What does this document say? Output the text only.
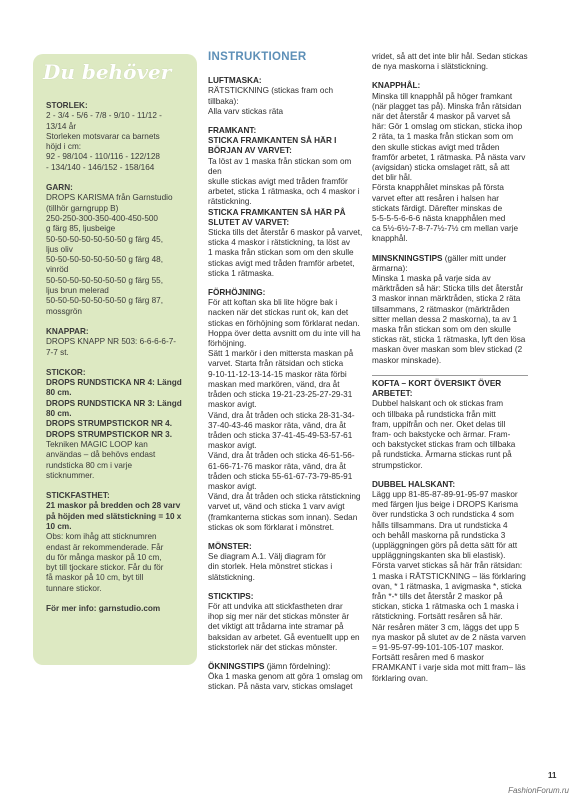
Du behöver
STORLEK:
2 - 3/4 - 5/6 - 7/8 - 9/10 - 11/12 -
13/14 år
Storleken motsvarar ca barnets
höjd i cm:
92 - 98/104 - 110/116 - 122/128
- 134/140 - 146/152 - 158/164
GARN:
DROPS KARISMA från Garnstudio
(tillhör garngrupp B)
250-250-300-350-400-450-500
g färg 85, ljusbeige
50-50-50-50-50-50-50 g färg 45,
ljus oliv
50-50-50-50-50-50-50 g färg 48,
vinröd
50-50-50-50-50-50-50 g färg 55,
ljus brun melerad
50-50-50-50-50-50-50 g färg 87,
mossgrön
KNAPPAR:
DROPS KNAPP NR 503: 6-6-6-6-7-
7-7 st.
STICKOR:
DROPS RUNDSTICKA NR 4: Längd
80 cm.
DROPS RUNDSTICKA NR 3: Längd
80 cm.
DROPS STRUMPSTICKOR NR 4.
DROPS STRUMPSTICKOR NR 3.
Tekniken MAGIC LOOP kan
användas – då behövs endast
rundsticka 80 cm i varje
sticknummer.
STICKFASTHET:
21 maskor på bredden och 28 varv
på höjden med slätstickning = 10 x
10 cm.
Obs: kom ihåg att sticknumren
endast är rekommenderade. Får
du för många maskor på 10 cm,
byt till tjockare stickor. Får du för
få maskor på 10 cm, byt till
tunnare stickor.
För mer info: garnstudio.com
INSTRUKTIONER
LUFTMASKA:
RÄTSTICKNING (stickas fram och
tillbaka):
Alla varv stickas räta
FRAMKANT:
STICKA FRAMKANTEN SÅ HÄR I
BÖRJAN AV VARVET:
Ta löst av 1 maska från stickan som om den
skulle stickas avigt med tråden framför
arbetet, sticka 1 rätmaska, och 4 maskor i
rätstickning.
STICKA FRAMKANTEN SÅ HÄR PÅ
SLUTET AV VARVET:
Sticka tills det återstår 6 maskor på varvet,
sticka 4 maskor i rätstickning, ta löst av
1 maska från stickan som om den skulle
stickas avigt med tråden framför arbetet,
sticka 1 rätmaska.
FÖRHÖJNING:
För att koftan ska bli lite högre bak i
nacken när det stickas runt ok, kan det
stickas en förhöjning som förklarat nedan.
Hoppa över detta avsnitt om du inte vill ha
förhöjning.
Sätt 1 markör i den mittersta maskan på
varvet. Starta från rätsidan och sticka
9-10-11-12-13-14-15 maskor räta förbi
maskan med markören, vänd, dra åt
tråden och sticka 19-21-23-25-27-29-31
maskor avigt.
Vänd, dra åt tråden och sticka 28-31-34-
37-40-43-46 maskor räta, vänd, dra åt
tråden och sticka 37-41-45-49-53-57-61
maskor avigt.
Vänd, dra åt tråden och sticka 46-51-56-
61-66-71-76 maskor räta, vänd, dra åt
tråden och sticka 55-61-67-73-79-85-91
maskor avigt.
Vänd, dra åt tråden och sticka rätstickning
varvet ut, vänd och sticka 1 varv avigt
(framkanterna stickas som innan). Sedan
stickas ok som förklarat i mönstret.
MÖNSTER:
Se diagram A.1. Välj diagram för
din storlek. Hela mönstret stickas i
slätstickning.
STICKTIPS:
För att undvika att stickfastheten drar
ihop sig mer när det stickas mönster är
det viktigt att trådarna inte stramar på
baksidan av arbetet. Gå eventuellt upp en
stickstorlek när det stickas mönster.
ÖKNINGSTIPS (jämn fördelning):
Öka 1 maska genom att göra 1 omslag om
stickan. På nästa varv, stickas omslaget
vridet, så att det inte blir hål. Sedan stickas
de nya maskorna i slätstickning.
KNAPPHÅL:
Minska till knapphål på höger framkant
(när plagget tas på). Minska från rätsidan
när det återstår 4 maskor på varvet så
här: Gör 1 omslag om stickan, sticka ihop
2 räta, ta 1 maska från stickan som om
den skulle stickas avigt med tråden
framför arbetet, 1 rätmaska. På nästa varv
(avigsidan) sticka omslaget rätt, så att
det blir hål.
Första knapphålet minskas på första
varvet efter att resåren i halsen har
stickats färdigt. Därefter minskas de
5-5-5-5-6-6-6 nästa knapphålen med
ca 5½-6½-7-8-7-7½-7½ cm mellan varje
knapphål.
MINSKNINGSTIPS (gäller mitt under
ärmarna):
Minska 1 maska på varje sida av
märktråden så här: Sticka tills det återstår
3 maskor innan märktråden, sticka 2 räta
tillsammans, 2 rätmaskor (märktråden
sitter mellan dessa 2 maskorna), ta av 1
maska från stickan som om den skulle
stickas rät, sticka 1 rätmaska, lyft den lösa
maskan över maskan som blev stickad (2
maskor minskade).
KOFTA – KORT ÖVERSIKT ÖVER
ARBETET:
Dubbel halskant och ok stickas fram
och tillbaka på rundsticka från mitt
fram, uppifrån och ner. Oket delas till
fram- och bakstycke och ärmar. Fram-
och bakstycket stickas fram och tillbaka
på rundsticka. Ärmarna stickas runt på
strumpstickor.
DUBBEL HALSKANT:
Lägg upp 81-85-87-89-91-95-97 maskor
med färgen ljus beige i DROPS Karisma
över rundsticka 3 och rundsticka 4 som
hålls tillsammans. Dra ut rundsticka 4
och behåll maskorna på rundsticka 3
(uppläggningen görs på detta sätt för att
uppläggningskanten ska bli elastisk).
Första varvet stickas så här från rätsidan:
1 maska i RÄTSTICKNING – läs förklaring
ovan, * 1 rätmaska, 1 avigmaska *, sticka
från *-* tills det återstår 2 maskor på
stickan, sticka 1 rätmaska och 1 maska i
rätstickning. Fortsätt resåren så här.
När resåren mäter 3 cm, läggs det upp 5
nya maskor på slutet av de 2 nästa varven
= 91-95-97-99-101-105-107 maskor.
Fortsätt resåren med 6 maskor
FRAMKANT i varje sida mot mitt fram– läs
förklaring ovan.
11
FashionForum.ru
